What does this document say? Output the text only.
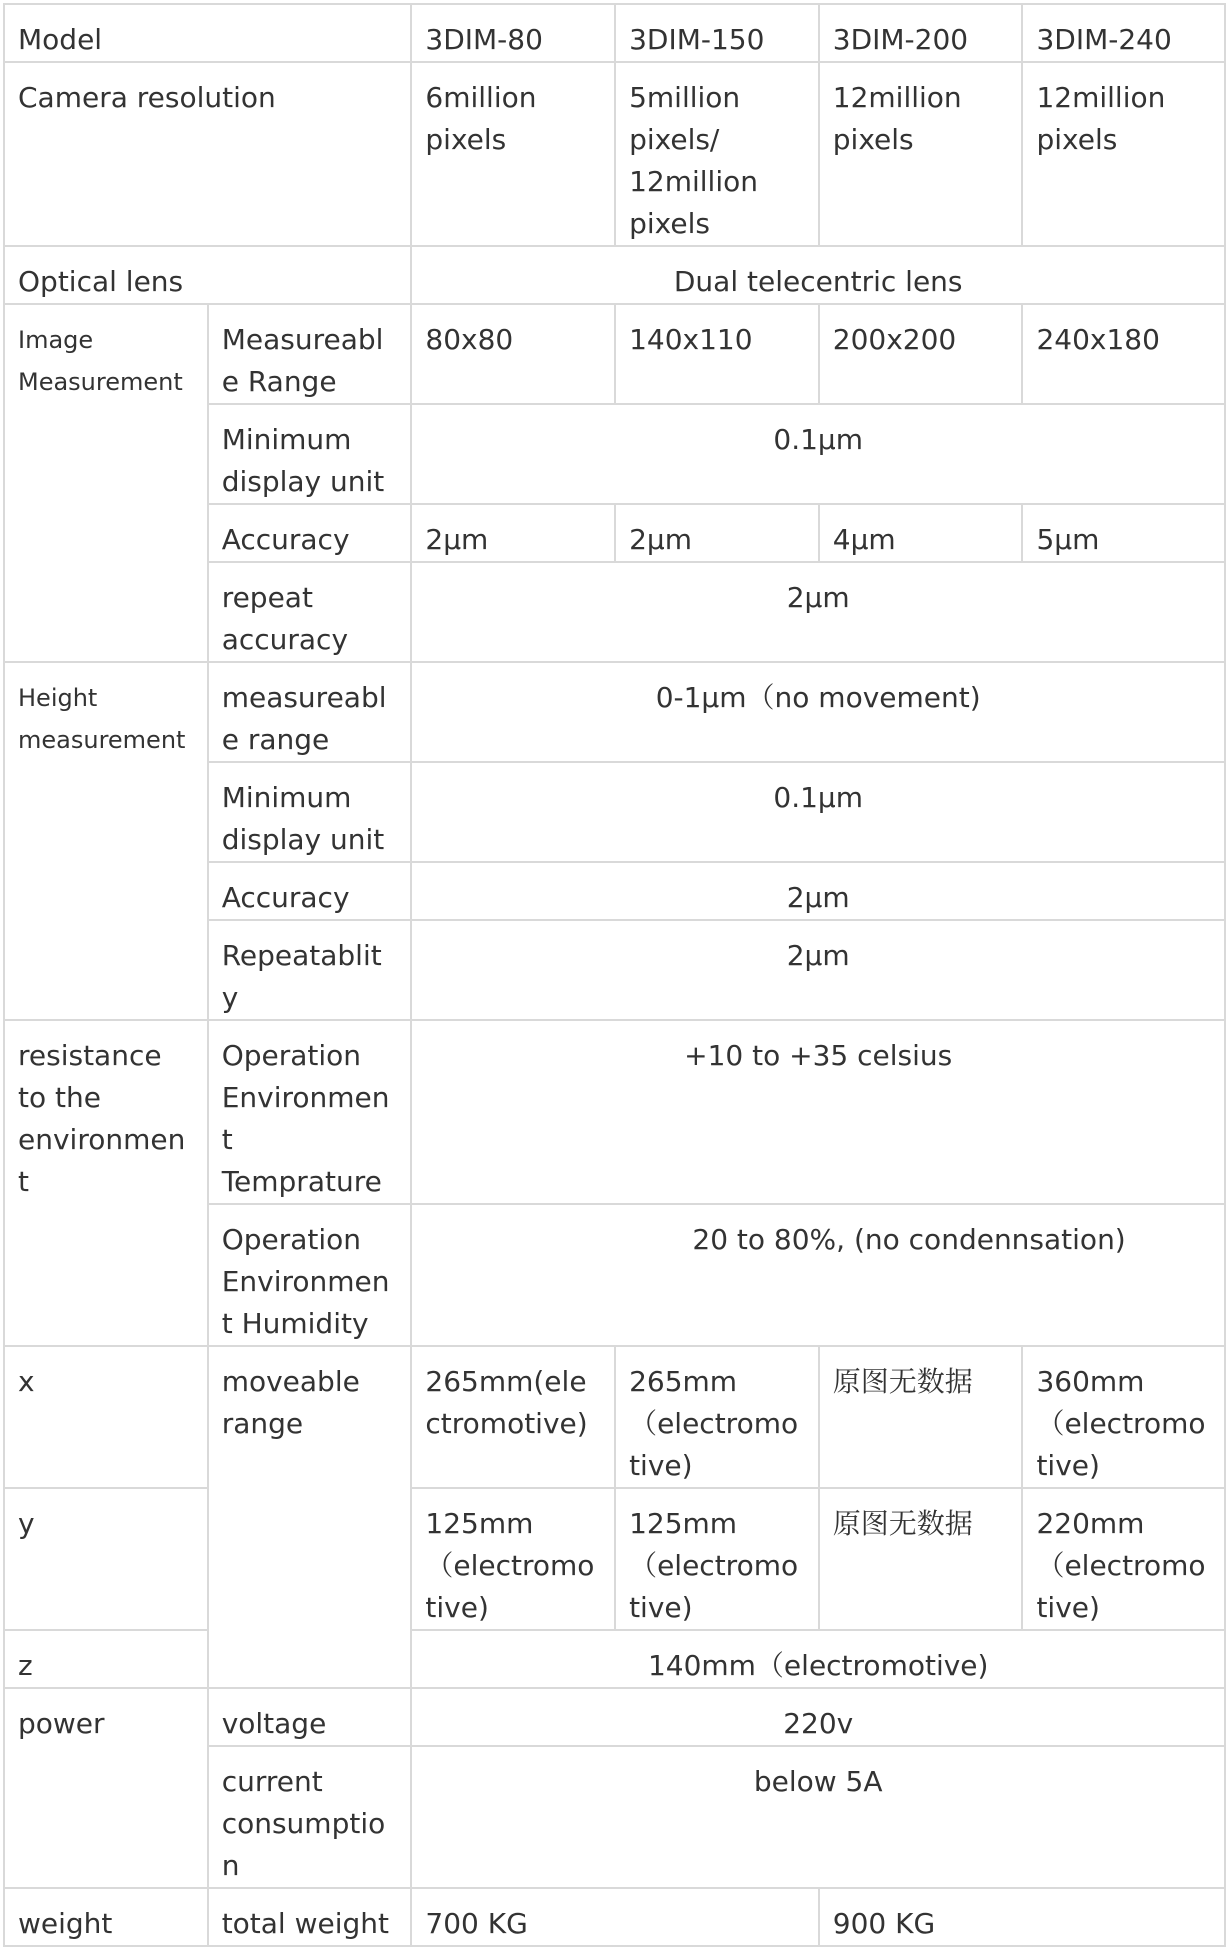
Model		3DIM-80	3DIM-150	3DIM-200	3DIM-240
Camera resolution		6million pixels	5million pixels/ 12million pixels	12million pixels	12million pixels
Optical lens		Dual telecentric lens			
Image Measurement	Measureable Range	80x80	140x110	200x200	240x180
	Minimum display unit	0.1μm			
	Accuracy	2μm	2μm	4μm	5μm
	repeat accuracy	2μm			
Height measurement	measureable range	0-1μm（no movement)			
	Minimum display unit	0.1μm			
	Accuracy	2μm			
	Repeatablity	2μm			
resistance to the environment	Operation Environment Temprature	+10 to +35 celsius			
	Operation Environment Humidity	20 to 80%, (no condennsation)			
x	moveable range	265mm(electromotive)	265mm（electromotive)	原图无数据	360mm（electromotive)
y		125mm（electromotive)	125mm（electromotive)	原图无数据	220mm（electromotive)
z		140mm（electromotive)			
power	voltage	220v			
	current consumption	below 5A			
weight	total weight	700 KG		900 KG	
